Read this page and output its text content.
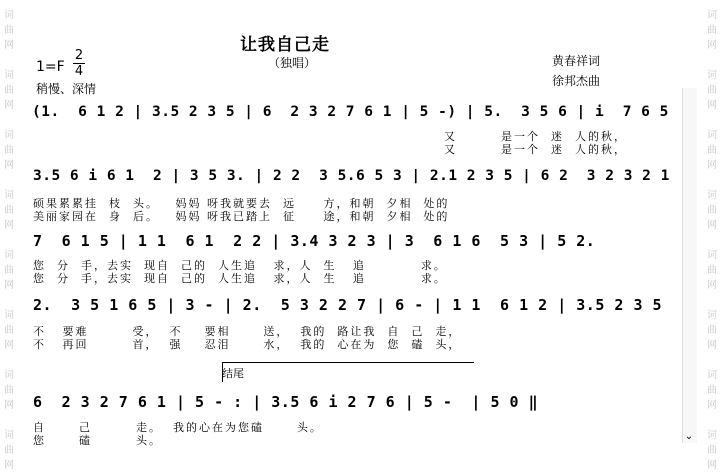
词曲网
词曲网
词曲网
词曲网
词曲网
词曲网
词曲网
词曲网
词曲网
词曲网
词曲网
词曲网
词曲网
词曲网
词曲网
词曲网
⌄
让我自己走
（独唱）	黄春祥词
徐邦杰曲
1=F
2
4
稍慢、深情
(1.  6 1 2 | 3.5 2 3 5 | 6  2 3 2 7 6 1 | 5 -) | 5.  3 5 6 | i  7 6 5
又        是一个  迷  人的秋，
又        是一个  迷  人的秋，
3.5 6 i 6 1  2 | 3 5 3. | 2 2  3 5.6 5 3 | 2.1 2 3 5 | 6 2  3 2 3 2 1
硕果累累挂  枝  头。   妈妈 呀我就要去  远     方，和朝  夕相  处的
美丽家园在  身  后。   妈妈 呀我已踏上  征     途，和朝  夕相  处的
7  6 1 5 | 1 1  6 1  2 2 | 3.4 3 2 3 | 3  6 1 6  5 3 | 5 2.
您  分  手，去实  现自  己的  人生追   求，人  生   追          求。
您  分  手，去实  现自  己的  人生追   求，人  生   追          求。
2.  3 5 1 6 5 | 3 - | 2.  5 3 2 2 7 | 6 - | 1 1  6 1 2 | 3.5 2 3 5
不   要难        受，  不    要相      送，  我的  路让我  自  己  走，
不   再回        首，  强    忍泪      水，  我的  心在为  您  磕  头，
结尾
6  2 3 2 7 6 1 | 5 - : | 3.5 6 i 2 7 6 | 5 -  | 5 0 ‖
自      己        走。  我的心在为您磕      头。
您      磕        头。
